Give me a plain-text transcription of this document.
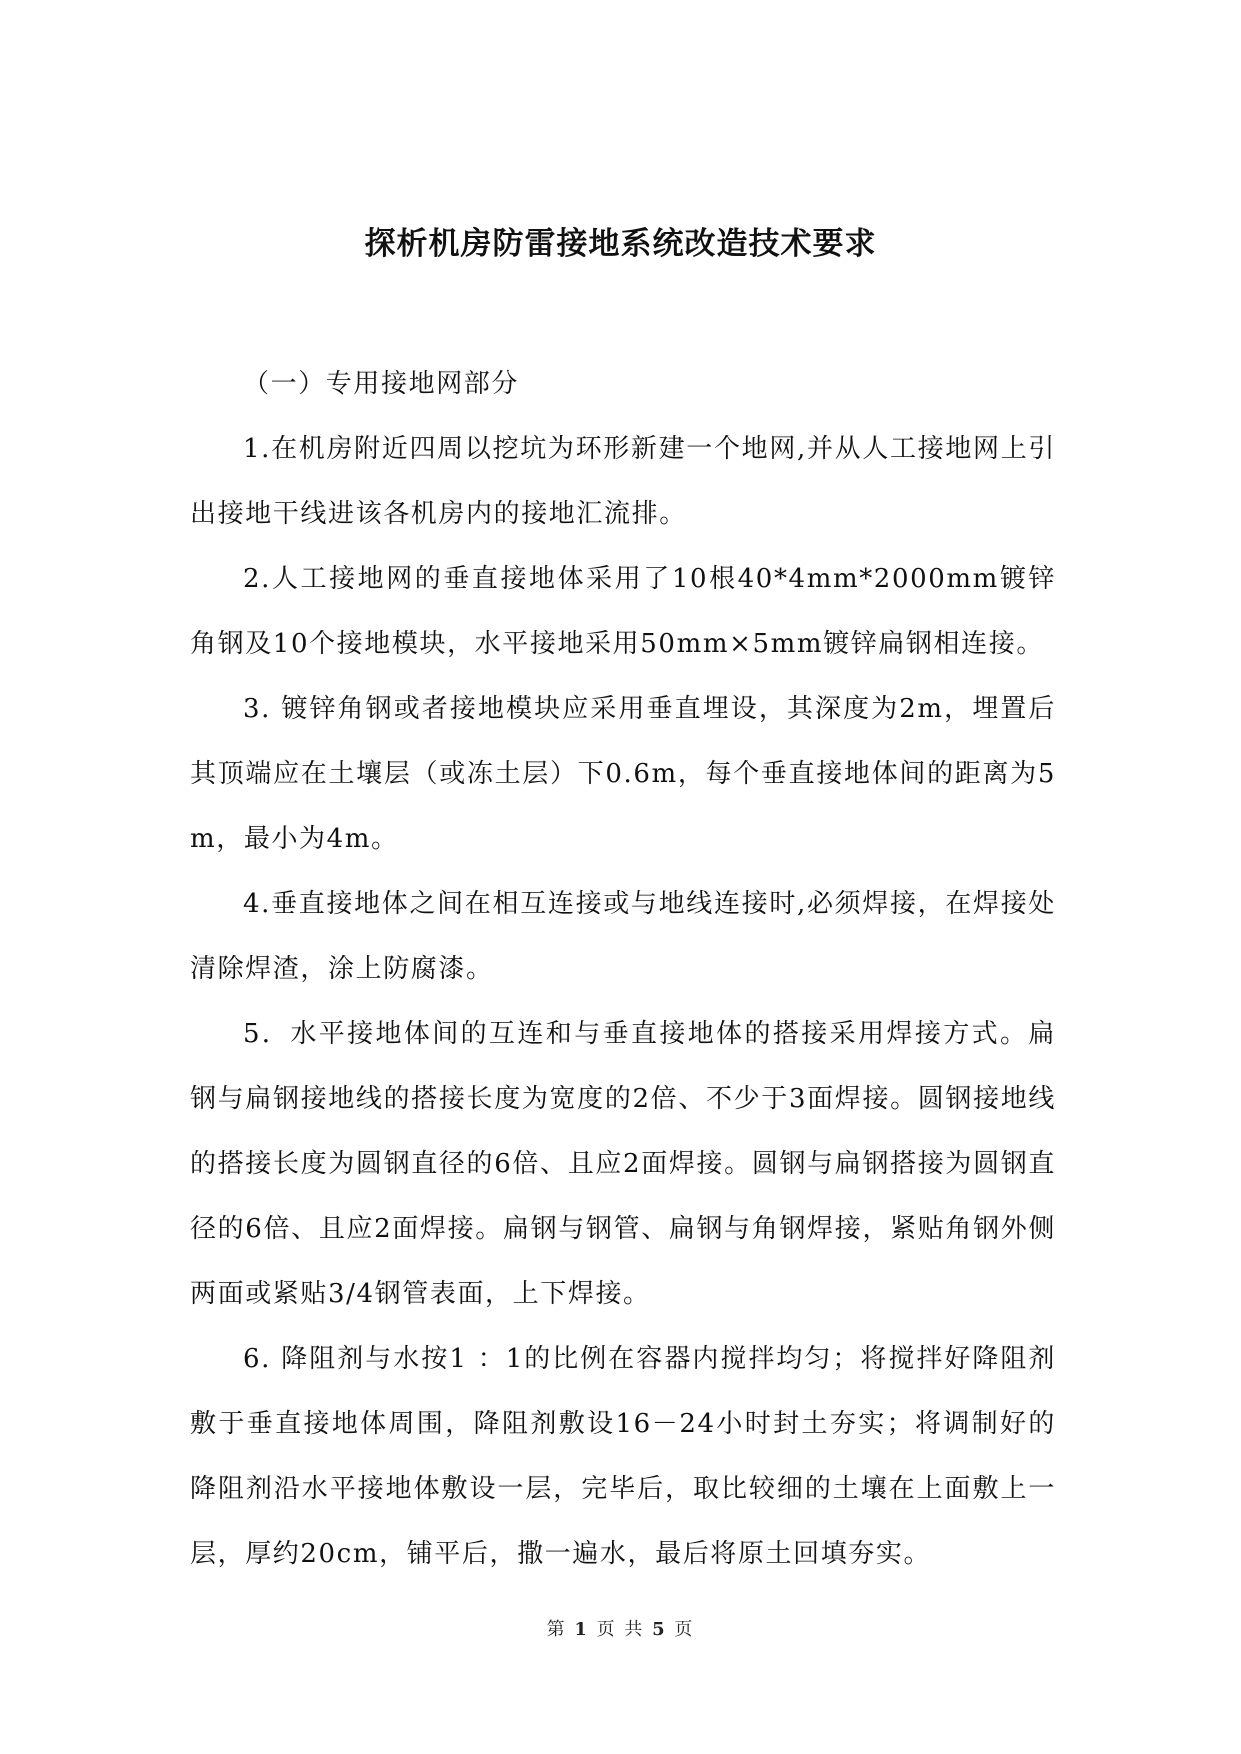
探析机房防雷接地系统改造技术要求

（一）专用接地网部分

1.在机房附近四周以挖坑为环形新建一个地网,并从人工接地网上引出接地干线进该各机房内的接地汇流排。

2.人工接地网的垂直接地体采用了10根40*4mm*2000mm镀锌角钢及10个接地模块，水平接地采用50mm×5mm镀锌扁钢相连接。

3. 镀锌角钢或者接地模块应采用垂直埋设，其深度为2m，埋置后其顶端应在土壤层（或冻土层）下0.6m，每个垂直接地体间的距离为5m，最小为4m。

4.垂直接地体之间在相互连接或与地线连接时,必须焊接，在焊接处清除焊渣，涂上防腐漆。

5．水平接地体间的互连和与垂直接地体的搭接采用焊接方式。扁钢与扁钢接地线的搭接长度为宽度的2倍、不少于3面焊接。圆钢接地线的搭接长度为圆钢直径的6倍、且应2面焊接。圆钢与扁钢搭接为圆钢直径的6倍、且应2面焊接。扁钢与钢管、扁钢与角钢焊接，紧贴角钢外侧两面或紧贴3/4钢管表面，上下焊接。

6. 降阻剂与水按1 ：1的比例在容器内搅拌均匀；将搅拌好降阻剂敷于垂直接地体周围，降阻剂敷设16－24小时封土夯实；将调制好的降阻剂沿水平接地体敷设一层，完毕后，取比较细的土壤在上面敷上一层，厚约20cm，铺平后，撒一遍水，最后将原土回填夯实。

第 1 页 共 5 页
